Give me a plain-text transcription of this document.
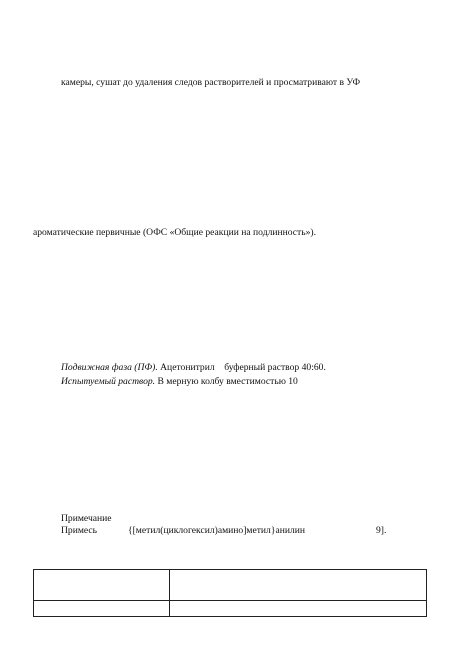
камеры, сушат до удаления следов растворителей и просматривают в УФ
ароматические первичные (ОФС «Общие реакции на подлинность»).
Подвижная фаза (ПФ). Ацетонитрил    буферный раствор 40:60.
Испытуемый раствор. В мерную колбу вместимостью 10
Примечание
Примесь	{[метил(циклогексил)амино]метил}анилин	9].
